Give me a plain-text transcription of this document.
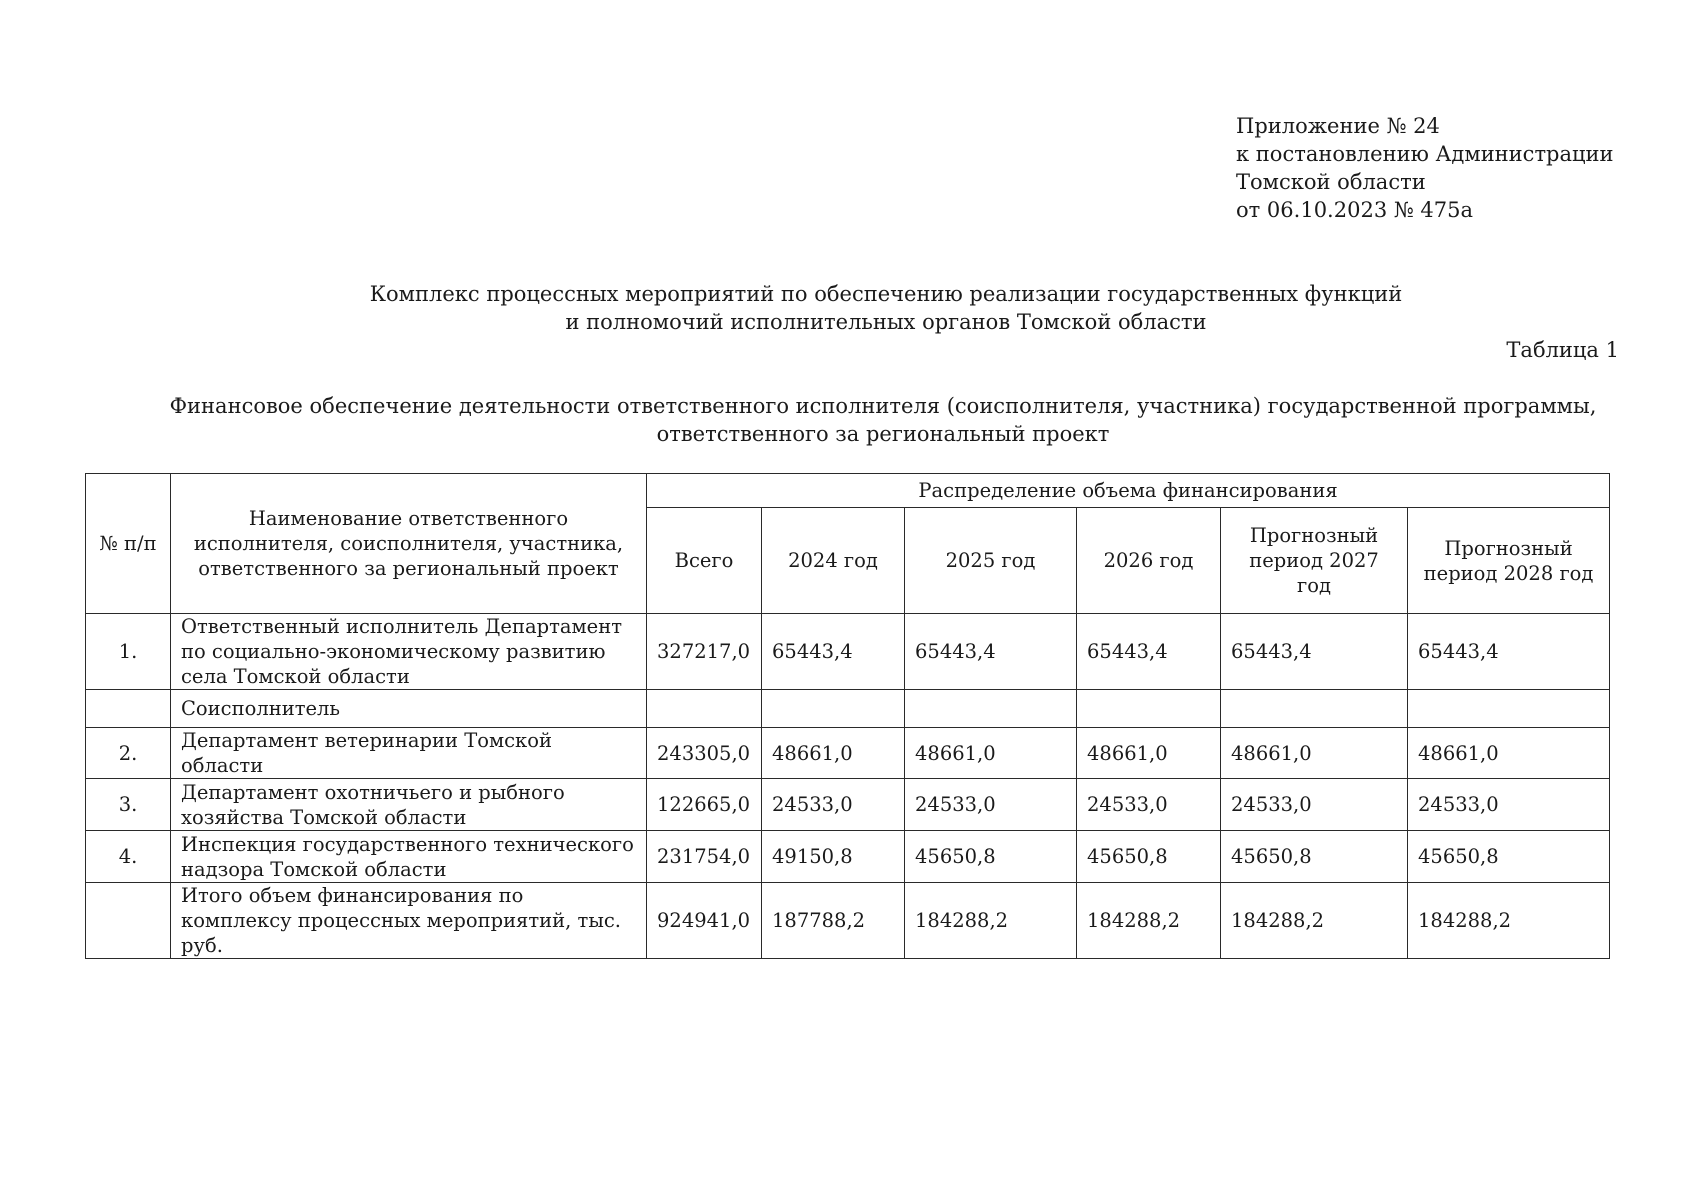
Приложение № 24
к постановлению Администрации
Томской области
от 06.10.2023 № 475а
Комплекс процессных мероприятий по обеспечению реализации государственных функций
и полномочий исполнительных органов Томской области
Таблица 1
Финансовое обеспечение деятельности ответственного исполнителя (соисполнителя, участника) государственной программы,
ответственного за региональный проект
№ п/п	Наименование ответственного исполнителя, соисполнителя, участника, ответственного за региональный проект	Распределение объема финансирования					
		Всего	2024 год	2025 год	2026 год	Прогнозный период 2027 год	Прогнозный период 2028 год
1.	Ответственный исполнитель Департамент по социально-экономическому развитию села Томской области	327217,0	65443,4	65443,4	65443,4	65443,4	65443,4
	Соисполнитель						
2.	Департамент ветеринарии Томской области	243305,0	48661,0	48661,0	48661,0	48661,0	48661,0
3.	Департамент охотничьего и рыбного хозяйства Томской области	122665,0	24533,0	24533,0	24533,0	24533,0	24533,0
4.	Инспекция государственного технического надзора Томской области	231754,0	49150,8	45650,8	45650,8	45650,8	45650,8
	Итого объем финансирования по комплексу процессных мероприятий, тыс. руб.	924941,0	187788,2	184288,2	184288,2	184288,2	184288,2
